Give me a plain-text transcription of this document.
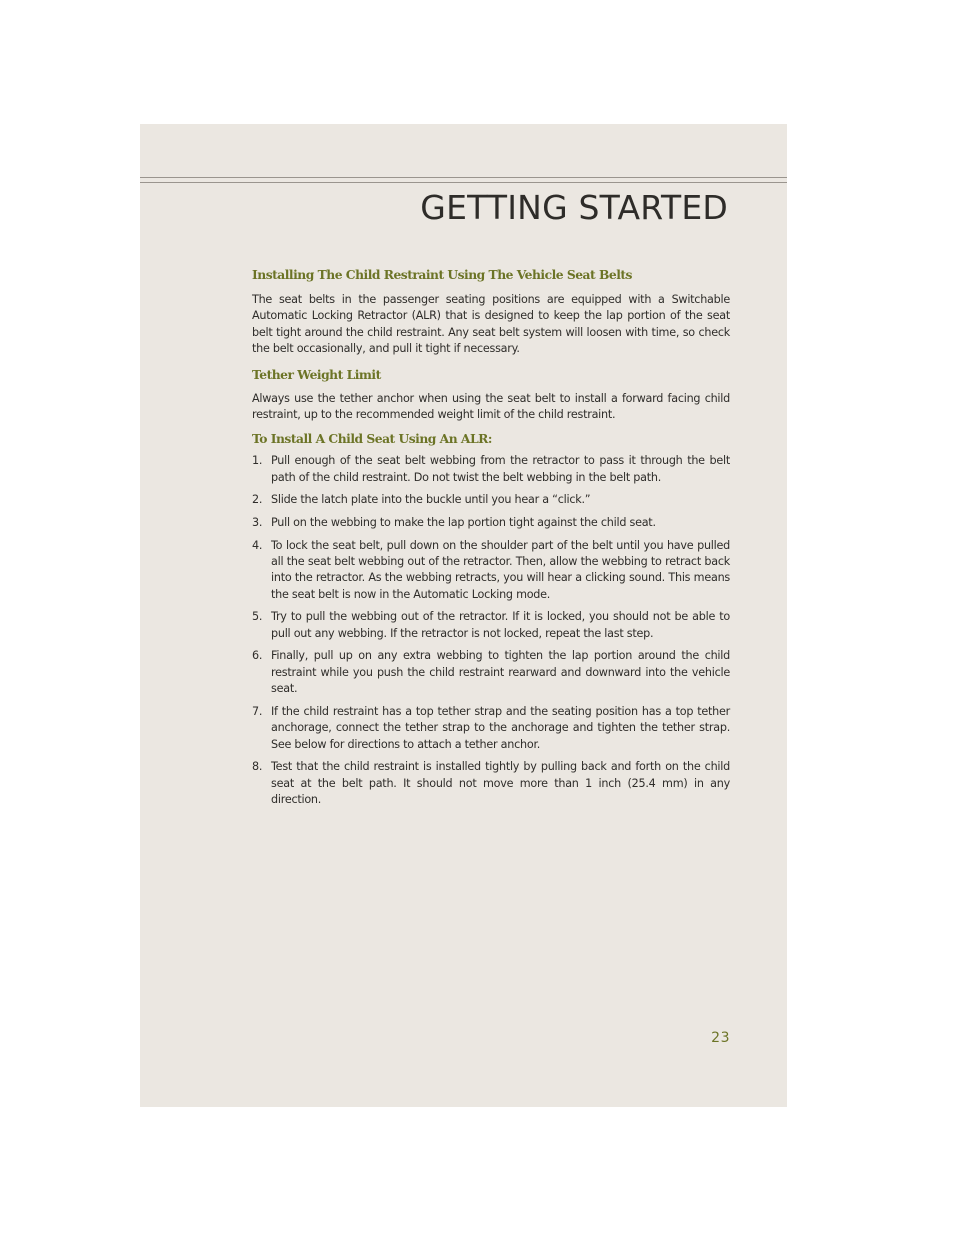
GETTING STARTED
Installing The Child Restraint Using The Vehicle Seat Belts

The seat belts in the passenger seating positions are equipped with a Switchable Automatic Locking Retractor (ALR) that is designed to keep the lap portion of the seat belt tight around the child restraint. Any seat belt system will loosen with time, so check the belt occasionally, and pull it tight if necessary.

Tether Weight Limit

Always use the tether anchor when using the seat belt to install a forward facing child restraint, up to the recommended weight limit of the child restraint.

To Install A Child Seat Using An ALR:
1. Pull enough of the seat belt webbing from the retractor to pass it through the belt path of the child restraint. Do not twist the belt webbing in the belt path.
2. Slide the latch plate into the buckle until you hear a “click.”
3. Pull on the webbing to make the lap portion tight against the child seat.
4. To lock the seat belt, pull down on the shoulder part of the belt until you have pulled all the seat belt webbing out of the retractor. Then, allow the webbing to retract back into the retractor. As the webbing retracts, you will hear a clicking sound. This means the seat belt is now in the Automatic Locking mode.
5. Try to pull the webbing out of the retractor. If it is locked, you should not be able to pull out any webbing. If the retractor is not locked, repeat the last step.
6. Finally, pull up on any extra webbing to tighten the lap portion around the child restraint while you push the child restraint rearward and downward into the vehicle seat.
7. If the child restraint has a top tether strap and the seating position has a top tether anchorage, connect the tether strap to the anchorage and tighten the tether strap. See below for directions to attach a tether anchor.
8. Test that the child restraint is installed tightly by pulling back and forth on the child seat at the belt path. It should not move more than 1 inch (25.4 mm) in any direction.
23
